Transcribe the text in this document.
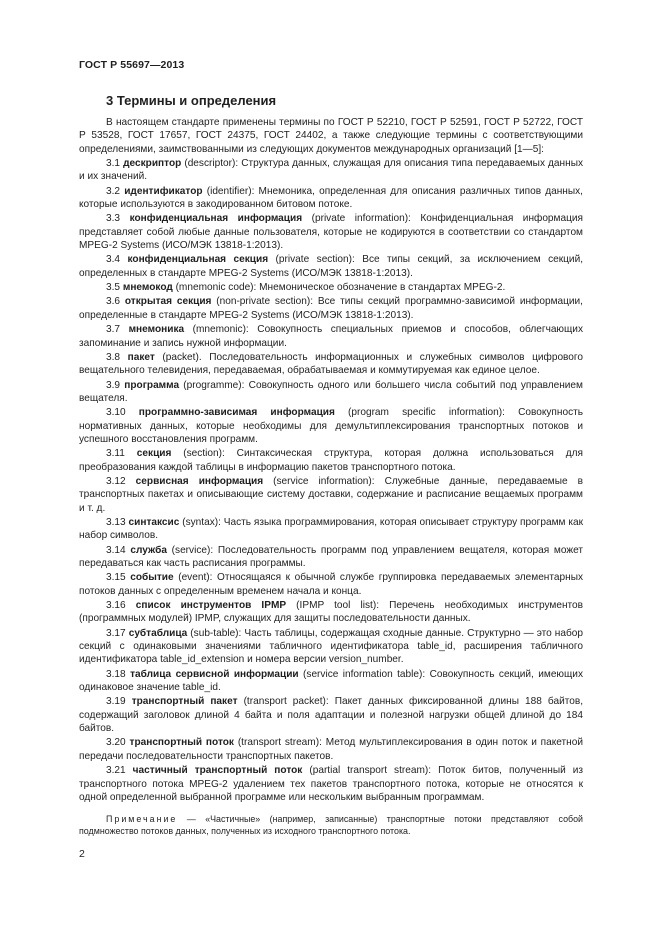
ГОСТ Р 55697—2013
3 Термины и определения

В настоящем стандарте применены термины по ГОСТ Р 52210, ГОСТ Р 52591, ГОСТ Р 52722, ГОСТ Р 53528, ГОСТ 17657, ГОСТ 24375, ГОСТ 24402, а также следующие термины с соответствующими определениями, заимствованными из следующих документов международных организаций [1—5]:

3.1 дескриптор (descriptor): Структура данных, служащая для описания типа передаваемых данных и их значений.

3.2 идентификатор (identifier): Мнемоника, определенная для описания различных типов данных, которые используются в закодированном битовом потоке.

3.3 конфиденциальная информация (private information): Конфиденциальная информация представляет собой любые данные пользователя, которые не кодируются в соответствии со стандартом MPEG-2 Systems (ИСО/МЭК 13818-1:2013).

3.4 конфиденциальная секция (private section): Все типы секций, за исключением секций, определенных в стандарте MPEG-2 Systems (ИСО/МЭК 13818-1:2013).

3.5 мнемокод (mnemonic code): Мнемоническое обозначение в стандартах MPEG-2.

3.6 открытая секция (non-private section): Все типы секций программно-зависимой информации, определенные в стандарте MPEG-2 Systems (ИСО/МЭК 13818-1:2013).

3.7 мнемоника (mnemonic): Совокупность специальных приемов и способов, облегчающих запоминание и запись нужной информации.

3.8 пакет (packet). Последовательность информационных и служебных символов цифрового вещательного телевидения, передаваемая, обрабатываемая и коммутируемая как единое целое.

3.9 программа (programme): Совокупность одного или большего числа событий под управлением вещателя.

3.10 программно-зависимая информация (program specific information): Совокупность нормативных данных, которые необходимы для демультиплексирования транспортных потоков и успешного восстановления программ.

3.11 секция (section): Синтаксическая структура, которая должна использоваться для преобразования каждой таблицы в информацию пакетов транспортного потока.

3.12 сервисная информация (service information): Служебные данные, передаваемые в транспортных пакетах и описывающие систему доставки, содержание и расписание вещаемых программ и т. д.

3.13 синтаксис (syntax): Часть языка программирования, которая описывает структуру программ как набор символов.

3.14 служба (service): Последовательность программ под управлением вещателя, которая может передаваться как часть расписания программы.

3.15 событие (event): Относящаяся к обычной службе группировка передаваемых элементарных потоков данных с определенным временем начала и конца.

3.16 список инструментов IPMP (IPMP tool list): Перечень необходимых инструментов (программных модулей) IPMP, служащих для защиты последовательности данных.

3.17 субтаблица (sub-table): Часть таблицы, содержащая сходные данные. Структурно — это набор секций с одинаковыми значениями табличного идентификатора table_id, расширения табличного идентификатора table_id_extension и номера версии version_number.

3.18 таблица сервисной информации (service information table): Совокупность секций, имеющих одинаковое значение table_id.

3.19 транспортный пакет (transport packet): Пакет данных фиксированной длины 188 байтов, содержащий заголовок длиной 4 байта и поля адаптации и полезной нагрузки общей длиной до 184 байтов.

3.20 транспортный поток (transport stream): Метод мультиплексирования в один поток и пакетной передачи последовательности транспортных пакетов.

3.21 частичный транспортный поток (partial transport stream): Поток битов, полученный из транспортного потока MPEG-2 удалением тех пакетов транспортного потока, которые не относятся к одной определенной выбранной программе или нескольким выбранным программам.

Примечание — «Частичные» (например, записанные) транспортные потоки представляют собой подмножество потоков данных, полученных из исходного транспортного потока.

2
